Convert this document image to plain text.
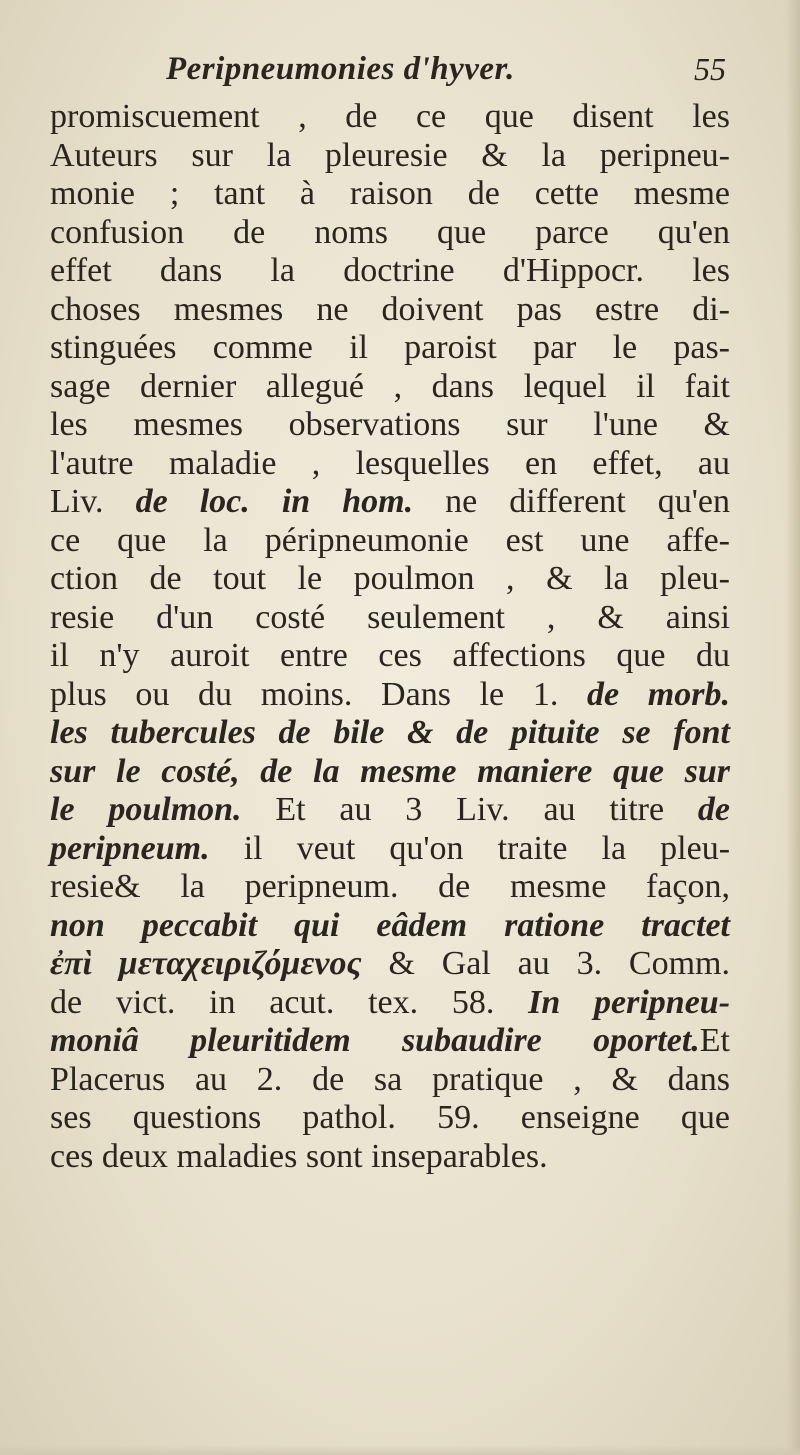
Peripneumonies d'hyver.	55
promiscuement , de ce que disent les
Auteurs sur la pleuresie & la peripneu-
monie ; tant à raison de cette mesme
confusion de noms que parce qu'en
effet dans la doctrine d'Hippocr. les
choses mesmes ne doivent pas estre di-
stinguées comme il paroist par le pas-
sage dernier allegué , dans lequel il fait
les mesmes observations sur l'une &
l'autre maladie , lesquelles en effet, au
Liv. de loc. in hom. ne different qu'en
ce que la péripneumonie est une affe-
ction de tout le poulmon , & la pleu-
resie d'un costé seulement , & ainsi
il n'y auroit entre ces affections que du
plus ou du moins. Dans le 1. de morb.
les tubercules de bile & de pituite se font
sur le costé, de la mesme maniere que sur
le poulmon. Et au 3 Liv. au titre de
peripneum. il veut qu'on traite la pleu-
resie& la peripneum. de mesme façon,
non peccabit qui eâdem ratione tractet
ἐπὶ μεταχειριζόμενος & Gal au 3. Comm.
de vict. in acut. tex. 58. In peripneu-
moniâ pleuritidem subaudire oportet.Et
Placerus au 2. de sa pratique , & dans
ses questions pathol. 59. enseigne que
ces deux maladies sont inseparables.
